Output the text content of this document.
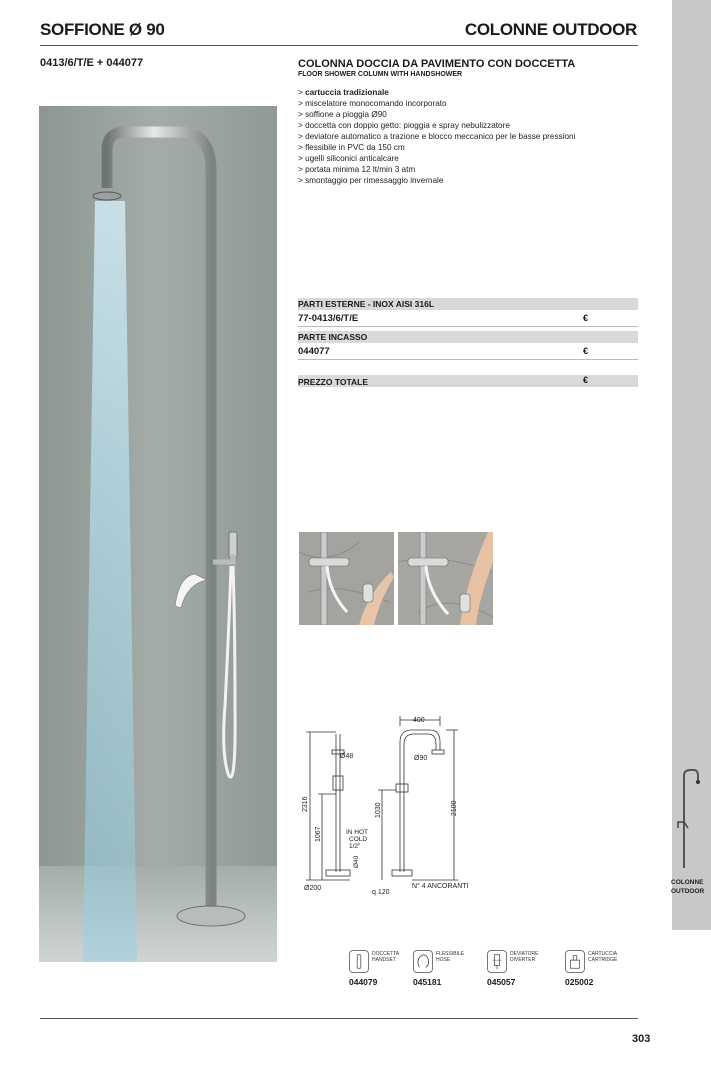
SOFFIONE Ø 90	COLONNE OUTDOOR
COLONNE
OUTDOOR
0413/6/T/E + 044077	COLONNA DOCCIA DA PAVIMENTO CON DOCCETTA
FLOOR SHOWER COLUMN WITH HANDSHOWER
> cartuccia tradizionale
> miscelatore monocomando incorporato
> soffione a pioggia Ø90
> doccetta con doppio getto: pioggia e spray nebulizzatore
> deviatore automatico a trazione e blocco meccanico per le basse pressioni
> flessibile in PVC da 150 cm
> ugelli siliconici anticalcare
> portata minima 12 lt/min 3 atm
> smontaggio per rimessaggio invernale
PARTI ESTERNE - INOX AISI 316L
77-0413/6/T/E	€
PARTE INCASSO
044077	€
PREZZO TOTALE	€
Ø48
400
Ø90
2316
1067
1030	2100
IN HOT
COLD
1/2"
Ø40
Ø200
q 120
N° 4 ANCORANTI
DOCCETTA
HANDSET
044079
FLESSIBILE
HOSE
045181
DEVIATORE
DIVERTER
045057
CARTUCCIA
CARTRIDGE
025002
303
